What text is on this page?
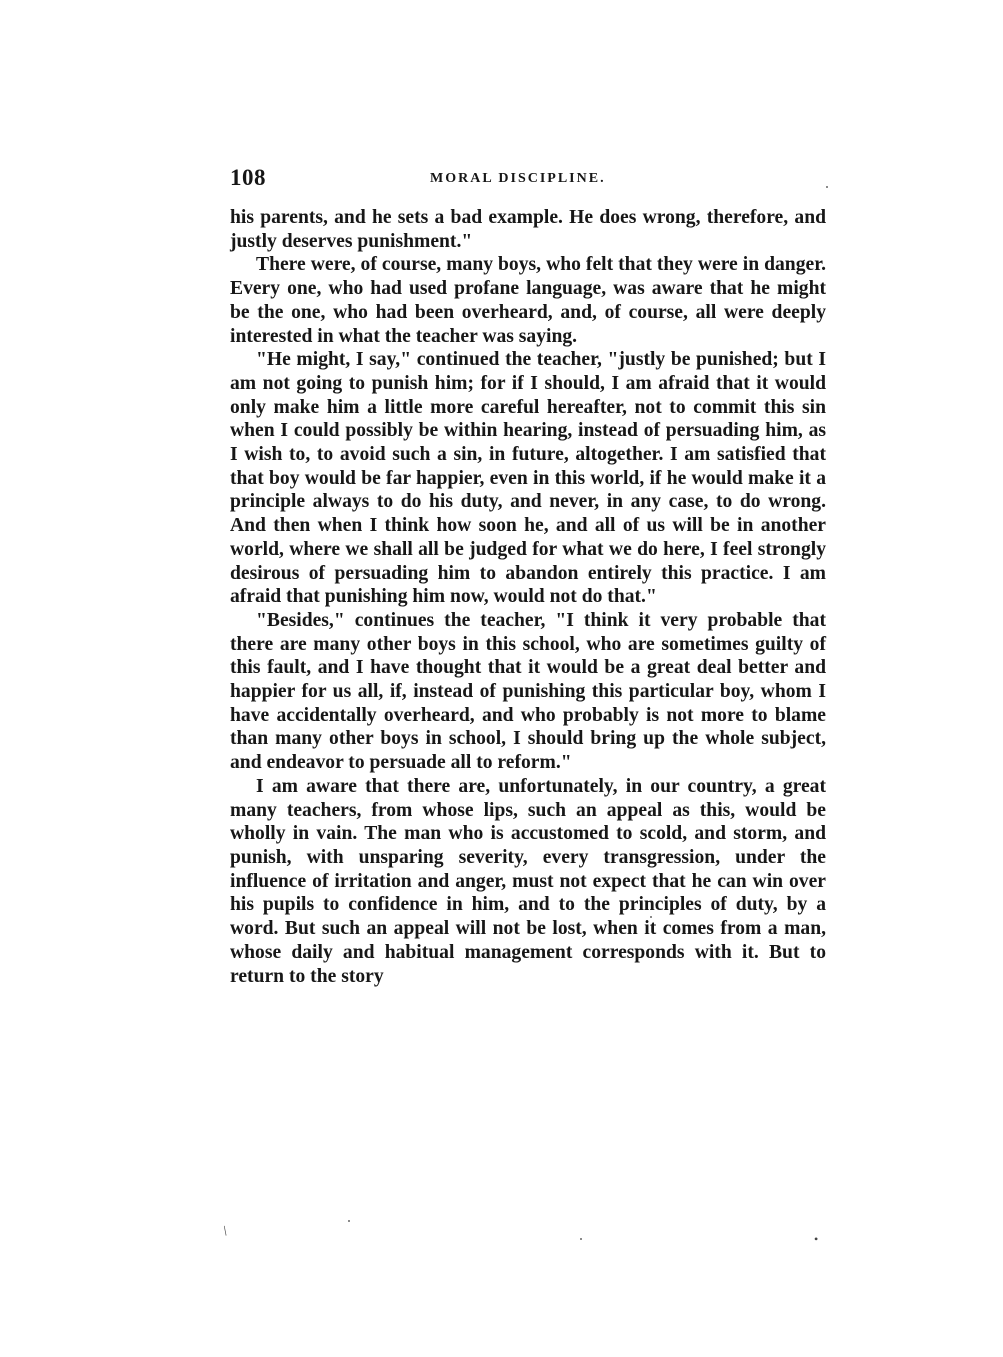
108	MORAL DISCIPLINE.

his parents, and he sets a bad example. He does wrong, therefore, and justly deserves punishment."

There were, of course, many boys, who felt that they were in danger. Every one, who had used profane language, was aware that he might be the one, who had been overheard, and, of course, all were deeply interested in what the teacher was saying.

"He might, I say," continued the teacher, "justly be punished; but I am not going to punish him; for if I should, I am afraid that it would only make him a little more careful hereafter, not to commit this sin when I could possibly be within hearing, instead of persuading him, as I wish to, to avoid such a sin, in future, altogether. I am satisfied that that boy would be far happier, even in this world, if he would make it a principle always to do his duty, and never, in any case, to do wrong. And then when I think how soon he, and all of us will be in another world, where we shall all be judged for what we do here, I feel strongly desirous of persuading him to abandon entirely this practice. I am afraid that punishing him now, would not do that."

"Besides," continues the teacher, "I think it very probable that there are many other boys in this school, who are sometimes guilty of this fault, and I have thought that it would be a great deal better and happier for us all, if, instead of punishing this particular boy, whom I have accidentally overheard, and who probably is not more to blame than many other boys in school, I should bring up the whole subject, and endeavor to persuade all to reform."

I am aware that there are, unfortunately, in our country, a great many teachers, from whose lips, such an appeal as this, would be wholly in vain. The man who is accustomed to scold, and storm, and punish, with unsparing severity, every transgression, under the influence of irritation and anger, must not expect that he can win over his pupils to confidence in him, and to the principles of duty, by a word. But such an appeal will not be lost, when it comes from a man, whose daily and habitual management corresponds with it. But to return to the story

/	•
